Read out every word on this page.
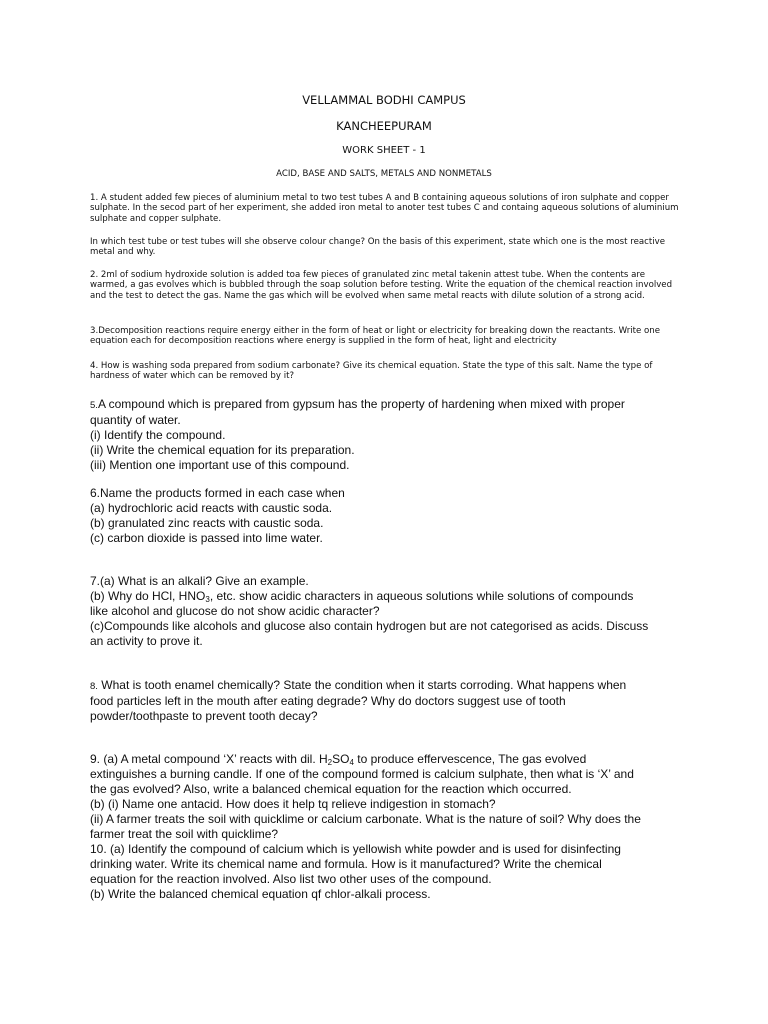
VELLAMMAL BODHI CAMPUS
KANCHEEPURAM
WORK SHEET - 1
ACID, BASE AND SALTS, METALS AND NONMETALS

1. A student added few pieces of aluminium metal to two test tubes A and B containing aqueous solutions of iron sulphate and copper sulphate. In the secod part of her experiment, she added iron metal to anoter test tubes C and containg aqueous solutions of aluminium sulphate and copper sulphate.

In which test tube or test tubes will she observe colour change? On the basis of this experiment, state which one is the most reactive metal and why.

2. 2ml of sodium hydroxide solution is added toa few pieces of granulated zinc metal takenin attest tube. When the contents are warmed, a gas evolves which is bubbled through the soap solution before testing. Write the equation of the chemical reaction involved and the test to detect the gas. Name the gas which will be evolved when same metal reacts with dilute solution of a strong acid.

3.Decomposition reactions require energy either in the form of heat or light or electricity for breaking down the reactants. Write one equation each for decomposition reactions where energy is supplied in the form of heat, light and electricity

4. How is washing soda prepared from sodium carbonate? Give its chemical equation. State the type of this salt. Name the type of hardness of water which can be removed by it?

5.A compound which is prepared from gypsum has the property of hardening when mixed with proper
quantity of water.
(i) Identify the compound.
(ii) Write the chemical equation for its preparation.
(iii) Mention one important use of this compound.
6.Name the products formed in each case when
(a) hydrochloric acid reacts with caustic soda.
(b) granulated zinc reacts with caustic soda.
(c) carbon dioxide is passed into lime water.
7.(a) What is an alkali? Give an example.
(b) Why do HCl, $HNO_3$, etc. show acidic characters in aqueous solutions while solutions of compounds
like alcohol and glucose do not show acidic character?
(c)Compounds like alcohols and glucose also contain hydrogen but are not categorised as acids. Discuss
an activity to prove it.
8. What is tooth enamel chemically? State the condition when it starts corroding. What happens when
food particles left in the mouth after eating degrade? Why do doctors suggest use of tooth
powder/toothpaste to prevent tooth decay?
9. (a) A metal compound ‘X’ reacts with dil. $H_2SO_4$ to produce effervescence, The gas evolved
extinguishes a burning candle. If one of the compound formed is calcium sulphate, then what is ‘X’ and
the gas evolved? Also, write a balanced chemical equation for the reaction which occurred.
(b) (i) Name one antacid. How does it help tq relieve indigestion in stomach?
(ii) A farmer treats the soil with quicklime or calcium carbonate. What is the nature of soil? Why does the
farmer treat the soil with quicklime?
10. (a) Identify the compound of calcium which is yellowish white powder and is used for disinfecting
drinking water. Write its chemical name and formula. How is it manufactured? Write the chemical
equation for the reaction involved. Also list two other uses of the compound.
(b) Write the balanced chemical equation qf chlor-alkali process.
